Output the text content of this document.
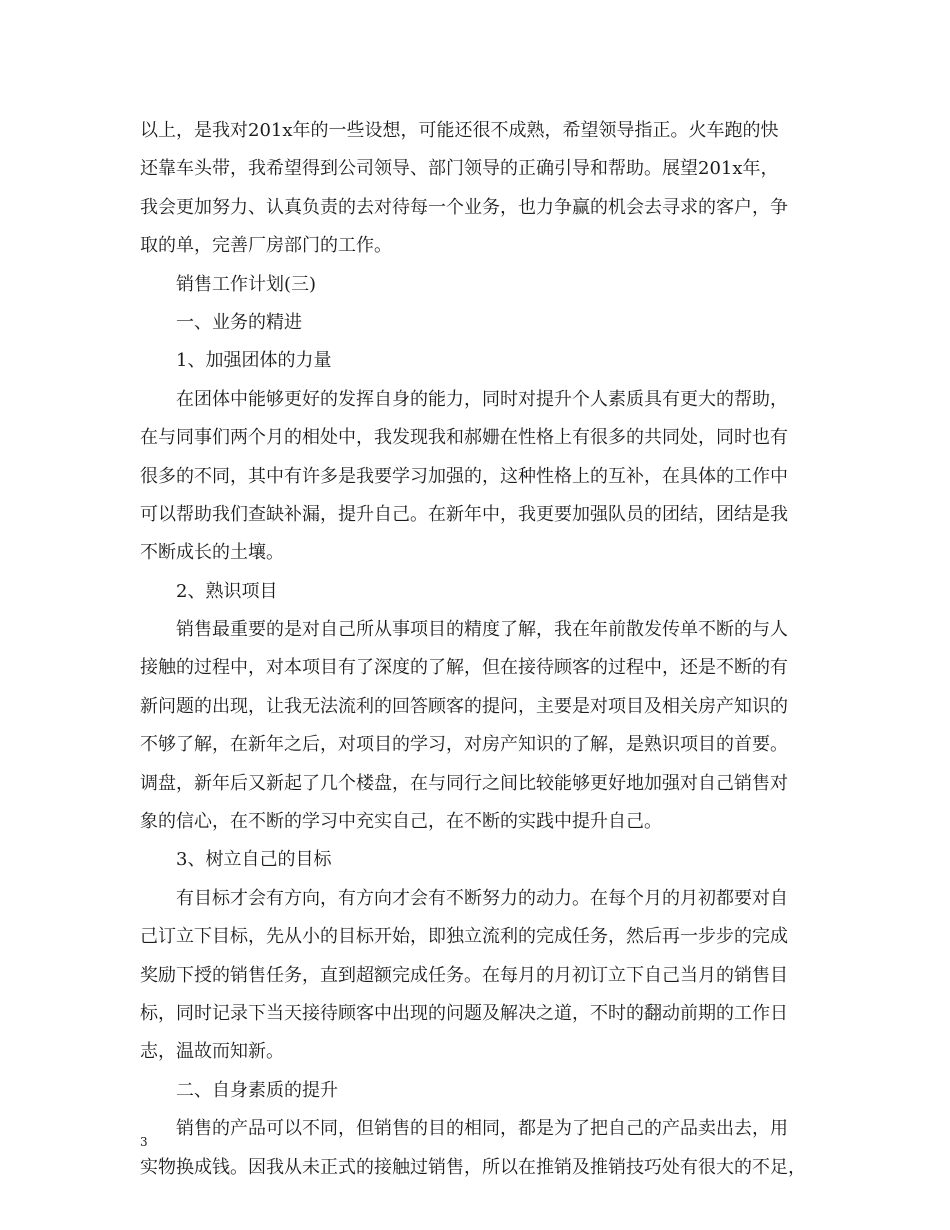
以上，是我对201x年的一些设想，可能还很不成熟，希望领导指正。火车跑的快
还靠车头带，我希望得到公司领导、部门领导的正确引导和帮助。展望201x年，
我会更加努力、认真负责的去对待每一个业务，也力争赢的机会去寻求的客户，争
取的单，完善厂房部门的工作。
销售工作计划(三)
一、业务的精进
1、加强团体的力量
在团体中能够更好的发挥自身的能力，同时对提升个人素质具有更大的帮助，
在与同事们两个月的相处中，我发现我和郝姗在性格上有很多的共同处，同时也有
很多的不同，其中有许多是我要学习加强的，这种性格上的互补，在具体的工作中
可以帮助我们查缺补漏，提升自己。在新年中，我更要加强队员的团结，团结是我
不断成长的土壤。
2、熟识项目
销售最重要的是对自己所从事项目的精度了解，我在年前散发传单不断的与人
接触的过程中，对本项目有了深度的了解，但在接待顾客的过程中，还是不断的有
新问题的出现，让我无法流利的回答顾客的提问，主要是对项目及相关房产知识的
不够了解，在新年之后，对项目的学习，对房产知识的了解，是熟识项目的首要。
调盘，新年后又新起了几个楼盘，在与同行之间比较能够更好地加强对自己销售对
象的信心，在不断的学习中充实自己，在不断的实践中提升自己。
3、树立自己的目标
有目标才会有方向，有方向才会有不断努力的动力。在每个月的月初都要对自
己订立下目标，先从小的目标开始，即独立流利的完成任务，然后再一步步的完成
奖励下授的销售任务，直到超额完成任务。在每月的月初订立下自己当月的销售目
标，同时记录下当天接待顾客中出现的问题及解决之道，不时的翻动前期的工作日
志，温故而知新。
二、自身素质的提升
销售的产品可以不同，但销售的目的相同，都是为了把自己的产品卖出去，用
实物换成钱。因我从未正式的接触过销售，所以在推销及推销技巧处有很大的不足，
3
